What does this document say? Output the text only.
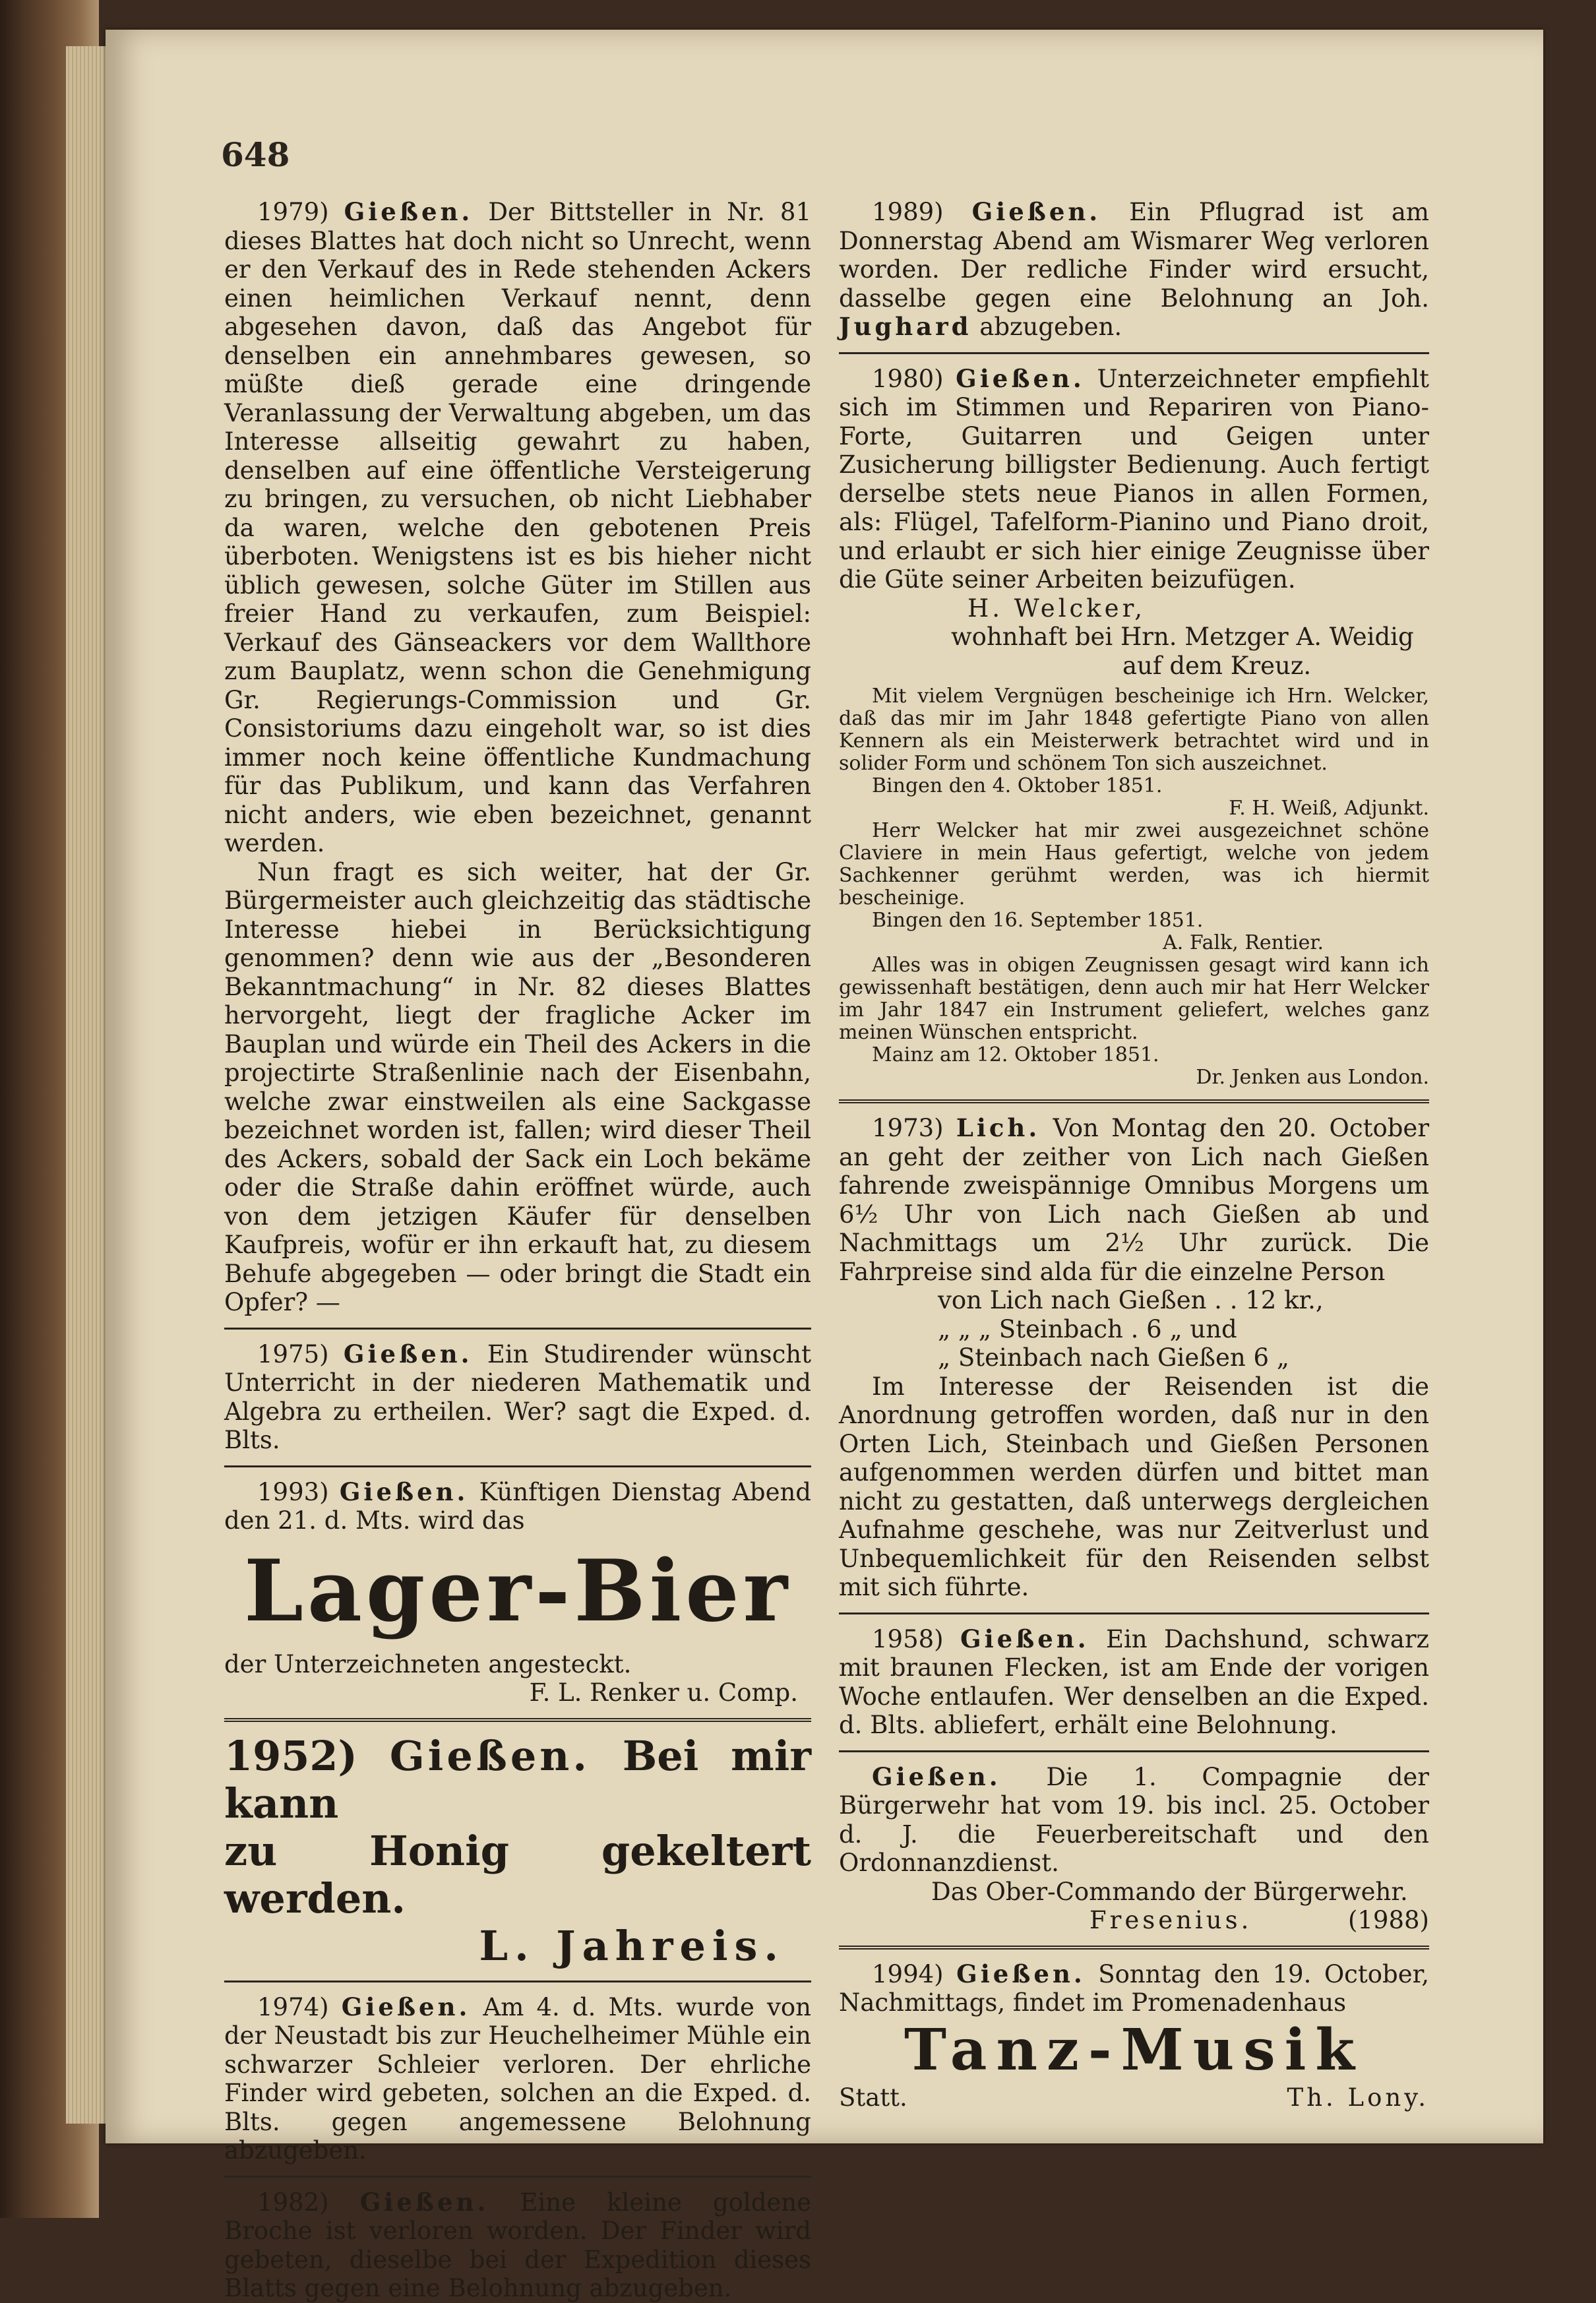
648

1979) Gießen. Der Bittsteller in Nr. 81 dieses Blattes hat doch nicht so Unrecht, wenn er den Verkauf des in Rede stehenden Ackers einen heimlichen Verkauf nennt, denn abgesehen davon, daß das Angebot für denselben ein annehmbares gewesen, so müßte dieß gerade eine dringende Veranlassung der Verwaltung abgeben, um das Interesse allseitig gewahrt zu haben, denselben auf eine öffentliche Versteigerung zu bringen, zu versuchen, ob nicht Liebhaber da waren, welche den gebotenen Preis überboten. Wenigstens ist es bis hieher nicht üblich gewesen, solche Güter im Stillen aus freier Hand zu verkaufen, zum Beispiel: Verkauf des Gänseackers vor dem Wallthore zum Bauplatz, wenn schon die Genehmigung Gr. Regierungs-Commission und Gr. Consistoriums dazu eingeholt war, so ist dies immer noch keine öffentliche Kundmachung für das Publikum, und kann das Verfahren nicht anders, wie eben bezeichnet, genannt werden.

Nun fragt es sich weiter, hat der Gr. Bürgermeister auch gleichzeitig das städtische Interesse hiebei in Berücksichtigung genommen? denn wie aus der „Besonderen Bekanntmachung“ in Nr. 82 dieses Blattes hervorgeht, liegt der fragliche Acker im Bauplan und würde ein Theil des Ackers in die projectirte Straßenlinie nach der Eisenbahn, welche zwar einstweilen als eine Sackgasse bezeichnet worden ist, fallen; wird dieser Theil des Ackers, sobald der Sack ein Loch bekäme oder die Straße dahin eröffnet würde, auch von dem jetzigen Käufer für denselben Kaufpreis, wofür er ihn erkauft hat, zu diesem Behufe abgegeben — oder bringt die Stadt ein Opfer? —

1975) Gießen. Ein Studirender wünscht Unterricht in der niederen Mathematik und Algebra zu ertheilen. Wer? sagt die Exped. d. Blts.

1993) Gießen. Künftigen Dienstag Abend den 21. d. Mts. wird das

Lager-Bier

der Unterzeichneten angesteckt.

F. L. Renker u. Comp.

1952) Gießen. Bei mir kann
zu Honig gekeltert werden.
L. Jahreis.

1974) Gießen. Am 4. d. Mts. wurde von der Neustadt bis zur Heuchelheimer Mühle ein schwarzer Schleier verloren. Der ehrliche Finder wird gebeten, solchen an die Exped. d. Blts. gegen angemessene Belohnung abzugeben.

1982) Gießen. Eine kleine goldene Broche ist verloren worden. Der Finder wird gebeten, dieselbe bei der Expedition dieses Blatts gegen eine Belohnung abzugeben.

1989) Gießen. Ein Pflugrad ist am Donnerstag Abend am Wismarer Weg verloren worden. Der redliche Finder wird ersucht, dasselbe gegen eine Belohnung an Joh. Jughard abzugeben.

1980) Gießen. Unterzeichneter empfiehlt sich im Stimmen und Repariren von Piano-Forte, Guitarren und Geigen unter Zusicherung billigster Bedienung. Auch fertigt derselbe stets neue Pianos in allen Formen, als: Flügel, Tafelform-Pianino und Piano droit, und erlaubt er sich hier einige Zeugnisse über die Güte seiner Arbeiten beizufügen.

H. Welcker,

wohnhaft bei Hrn. Metzger A. Weidig

auf dem Kreuz.

Mit vielem Vergnügen bescheinige ich Hrn. Welcker, daß das mir im Jahr 1848 gefertigte Piano von allen Kennern als ein Meisterwerk betrachtet wird und in solider Form und schönem Ton sich auszeichnet.

Bingen den 4. Oktober 1851.

F. H. Weiß, Adjunkt.

Herr Welcker hat mir zwei ausgezeichnet schöne Claviere in mein Haus gefertigt, welche von jedem Sachkenner gerühmt werden, was ich hiermit bescheinige.

Bingen den 16. September 1851.

A. Falk, Rentier.

Alles was in obigen Zeugnissen gesagt wird kann ich gewissenhaft bestätigen, denn auch mir hat Herr Welcker im Jahr 1847 ein Instrument geliefert, welches ganz meinen Wünschen entspricht.

Mainz am 12. Oktober 1851.

Dr. Jenken aus London.

1973) Lich. Von Montag den 20. October an geht der zeither von Lich nach Gießen fahrende zweispännige Omnibus Morgens um 6½ Uhr von Lich nach Gießen ab und Nachmittags um 2½ Uhr zurück. Die Fahrpreise sind alda für die einzelne Person

von Lich nach Gießen . . 12 kr.,

„ „ „ Steinbach . 6 „ und

„ Steinbach nach Gießen 6 „

Im Interesse der Reisenden ist die Anordnung getroffen worden, daß nur in den Orten Lich, Steinbach und Gießen Personen aufgenommen werden dürfen und bittet man nicht zu gestatten, daß unterwegs dergleichen Aufnahme geschehe, was nur Zeitverlust und Unbequemlichkeit für den Reisenden selbst mit sich führte.

1958) Gießen. Ein Dachshund, schwarz mit braunen Flecken, ist am Ende der vorigen Woche entlaufen. Wer denselben an die Exped. d. Blts. abliefert, erhält eine Belohnung.

Gießen. Die 1. Compagnie der Bürgerwehr hat vom 19. bis incl. 25. October d. J. die Feuerbereitschaft und den Ordonnanzdienst.

Das Ober-Commando der Bürgerwehr.

Fresenius.	(1988)

1994) Gießen. Sonntag den 19. October, Nachmittags, findet im Promenadenhaus

Tanz-Musik
Statt.	Th. Lony.
